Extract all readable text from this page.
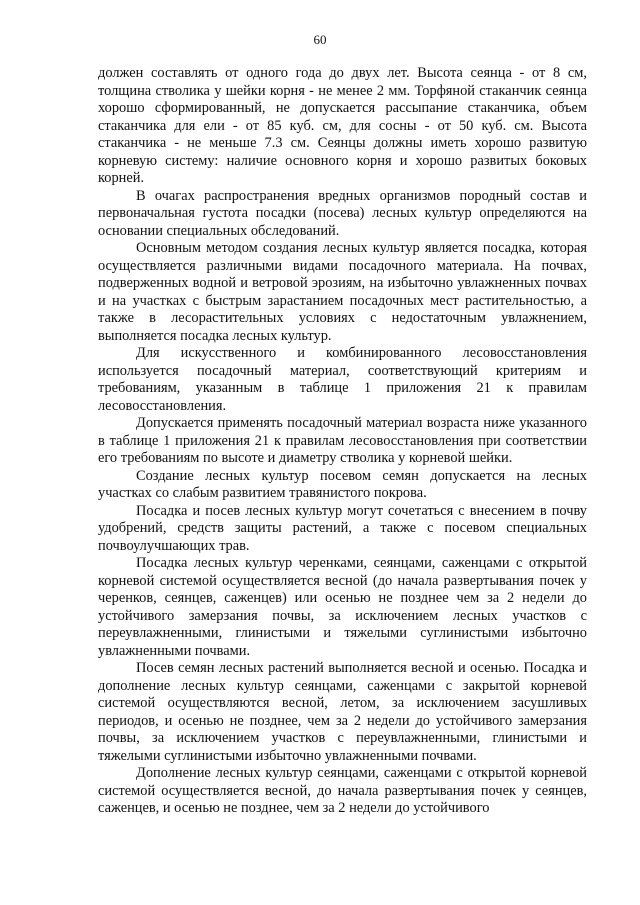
60

должен составлять от одного года до двух лет. Высота сеянца - от 8 см, толщина стволика у шейки корня - не менее 2 мм. Торфяной стаканчик сеянца хорошо сформированный, не допускается рассыпание стаканчика, объем стаканчика для ели - от 85 куб. см, для сосны - от 50 куб. см. Высота стаканчика - не меньше 7.3 см. Сеянцы должны иметь хорошо развитую корневую систему: наличие основного корня и хорошо развитых боковых корней.

В очагах распространения вредных организмов породный состав и первоначальная густота посадки (посева) лесных культур определяются на основании специальных обследований.

Основным методом создания лесных культур является посадка, которая осуществляется различными видами посадочного материала. На почвах, подверженных водной и ветровой эрозиям, на избыточно увлажненных почвах и на участках с быстрым зарастанием посадочных мест растительностью, а также в лесорастительных условиях с недостаточным увлажнением, выполняется посадка лесных культур.

Для искусственного и комбинированного лесовосстановления используется посадочный материал, соответствующий критериям и требованиям, указанным в таблице 1 приложения 21 к правилам лесовосстановления.

Допускается применять посадочный материал возраста ниже указанного в таблице 1 приложения 21 к правилам лесовосстановления при соответствии его требованиям по высоте и диаметру стволика у корневой шейки.

Создание лесных культур посевом семян допускается на лесных участках со слабым развитием травянистого покрова.

Посадка и посев лесных культур могут сочетаться с внесением в почву удобрений, средств защиты растений, а также с посевом специальных почвоулучшающих трав.

Посадка лесных культур черенками, сеянцами, саженцами с открытой корневой системой осуществляется весной (до начала развертывания почек у черенков, сеянцев, саженцев) или осенью не позднее чем за 2 недели до устойчивого замерзания почвы, за исключением лесных участков с переувлажненными, глинистыми и тяжелыми суглинистыми избыточно увлажненными почвами.

Посев семян лесных растений выполняется весной и осенью. Посадка и дополнение лесных культур сеянцами, саженцами с закрытой корневой системой осуществляются весной, летом, за исключением засушливых периодов, и осенью не позднее, чем за 2 недели до устойчивого замерзания почвы, за исключением участков с переувлажненными, глинистыми и тяжелыми суглинистыми избыточно увлажненными почвами.

Дополнение лесных культур сеянцами, саженцами с открытой корневой системой осуществляется весной, до начала развертывания почек у сеянцев, саженцев, и осенью не позднее, чем за 2 недели до устойчивого
